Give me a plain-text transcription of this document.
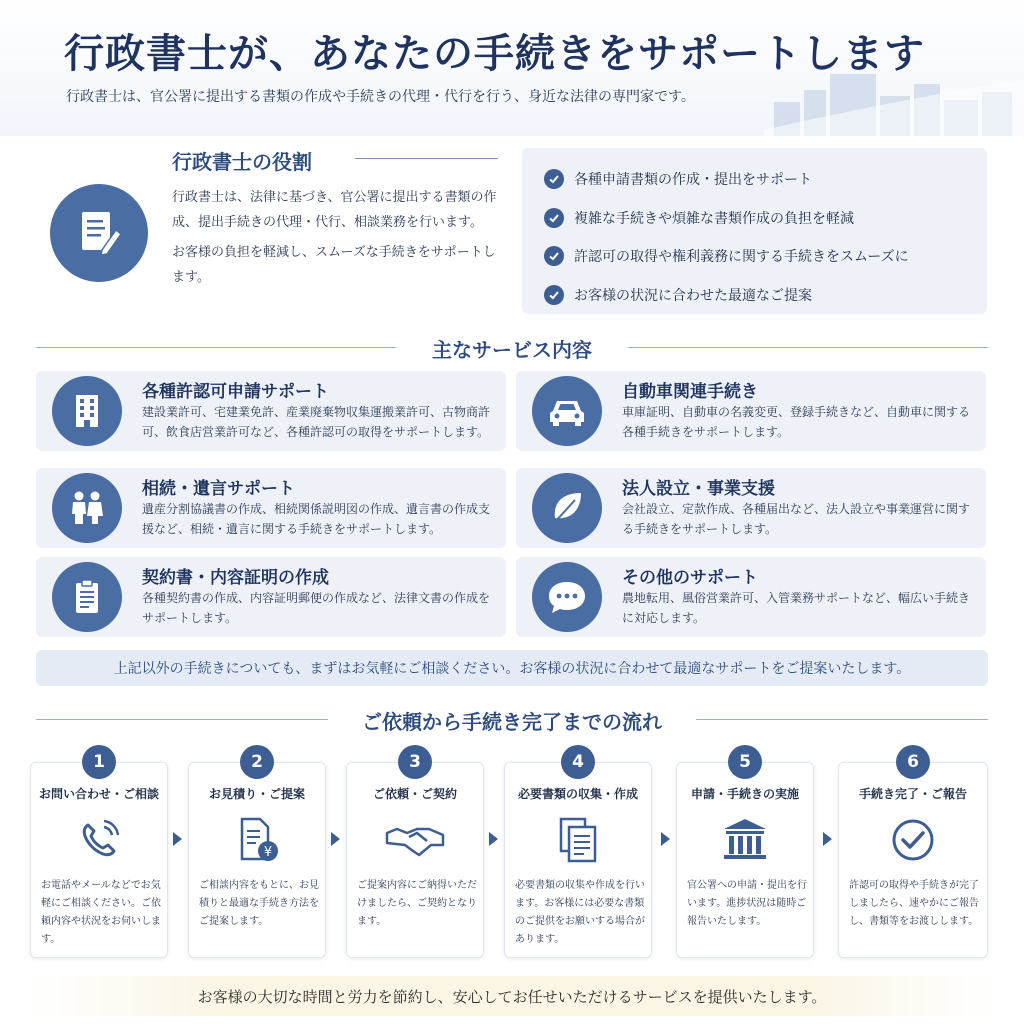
行政書士が、あなたの手続きをサポートします
行政書士は、官公署に提出する書類の作成や手続きの代理・代行を行う、身近な法律の専門家です。
行政書士の役割

行政書士は、法律に基づき、官公署に提出する書類の作成、提出手続きの代理・代行、相談業務を行います。

お客様の負担を軽減し、スムーズな手続きをサポートします。

各種申請書類の作成・提出をサポート
複雑な手続きや煩雑な書類作成の負担を軽減
許認可の取得や権利義務に関する手続きをスムーズに
お客様の状況に合わせた最適なご提案
主なサービス内容
各種許認可申請サポート
建設業許可、宅建業免許、産業廃棄物収集運搬業許可、古物商許可、飲食店営業許可など、各種許認可の取得をサポートします。
自動車関連手続き
車庫証明、自動車の名義変更、登録手続きなど、自動車に関する各種手続きをサポートします。
相続・遺言サポート
遺産分割協議書の作成、相続関係説明図の作成、遺言書の作成支援など、相続・遺言に関する手続きをサポートします。
法人設立・事業支援
会社設立、定款作成、各種届出など、法人設立や事業運営に関する手続きをサポートします。
契約書・内容証明の作成
各種契約書の作成、内容証明郵便の作成など、法律文書の作成をサポートします。
その他のサポート
農地転用、風俗営業許可、入管業務サポートなど、幅広い手続きに対応します。
上記以外の手続きについても、まずはお気軽にご相談ください。お客様の状況に合わせて最適なサポートをご提案いたします。
ご依頼から手続き完了までの流れ
1
お問い合わせ・ご相談
お電話やメールなどでお気軽にご相談ください。ご依頼内容や状況をお伺いします。
2
お見積り・ご提案
¥
ご相談内容をもとに、お見積りと最適な手続き方法をご提案します。
3
ご依頼・ご契約
ご提案内容にご納得いただけましたら、ご契約となります。
4
必要書類の収集・作成
必要書類の収集や作成を行います。お客様には必要な書類のご提供をお願いする場合があります。
5
申請・手続きの実施
官公署への申請・提出を行います。進捗状況は随時ご報告いたします。
6
手続き完了・ご報告
許認可の取得や手続きが完了しましたら、速やかにご報告し、書類等をお渡しします。
お客様の大切な時間と労力を節約し、安心してお任せいただけるサービスを提供いたします。
